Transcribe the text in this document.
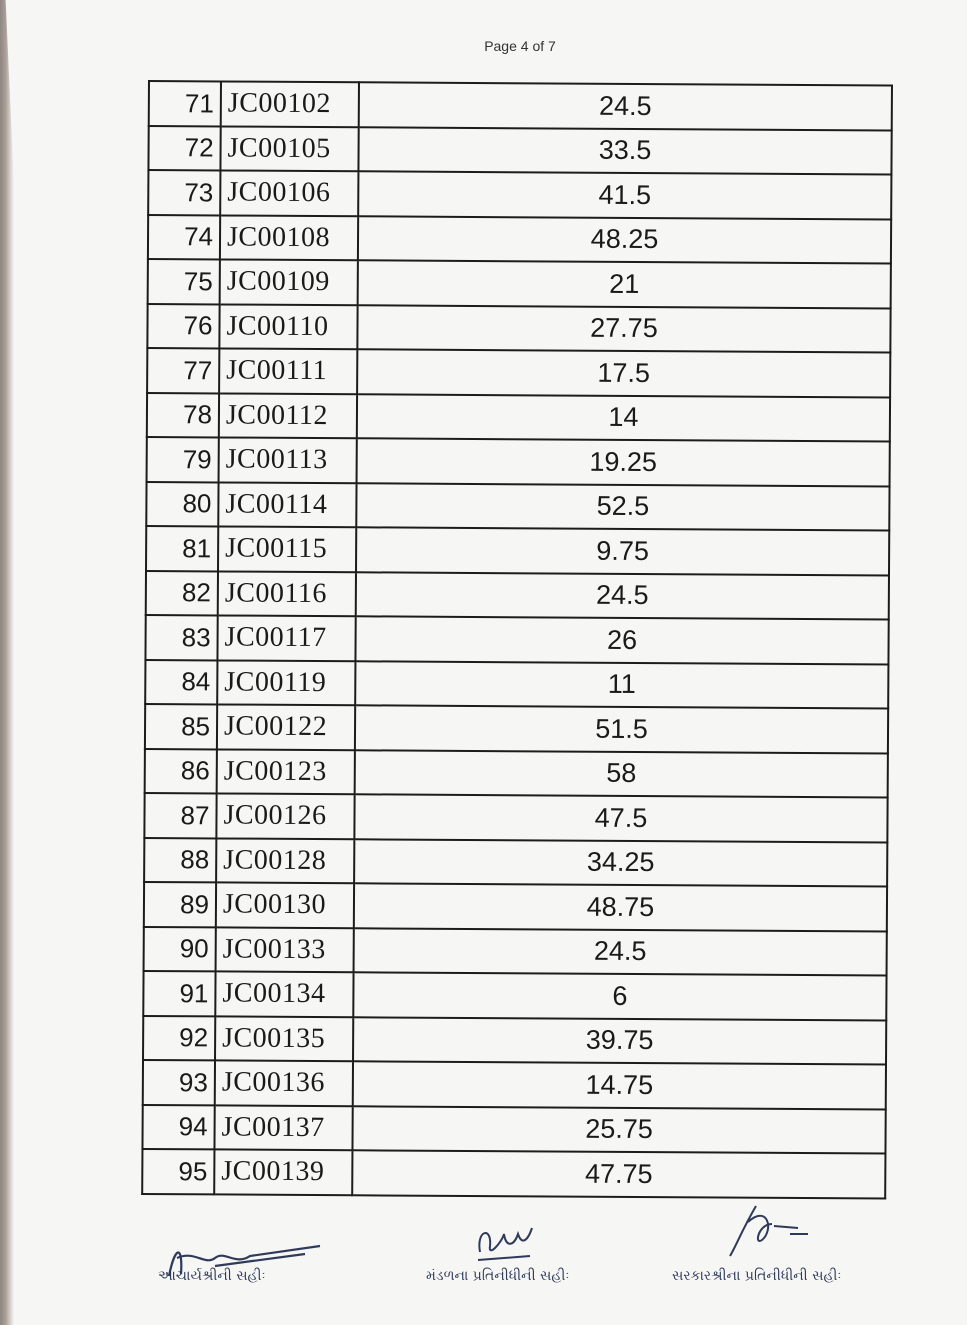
Page 4 of 7
71	JC00102	24.5
72	JC00105	33.5
73	JC00106	41.5
74	JC00108	48.25
75	JC00109	21
76	JC00110	27.75
77	JC00111	17.5
78	JC00112	14
79	JC00113	19.25
80	JC00114	52.5
81	JC00115	9.75
82	JC00116	24.5
83	JC00117	26
84	JC00119	11
85	JC00122	51.5
86	JC00123	58
87	JC00126	47.5
88	JC00128	34.25
89	JC00130	48.75
90	JC00133	24.5
91	JC00134	6
92	JC00135	39.75
93	JC00136	14.75
94	JC00137	25.75
95	JC00139	47.75
આચાર્યશ્રીની સહીઃ	મંડળના પ્રતિનીધીની સહીઃ	સરકારશ્રીના પ્રતિનીધીની સહીઃ
